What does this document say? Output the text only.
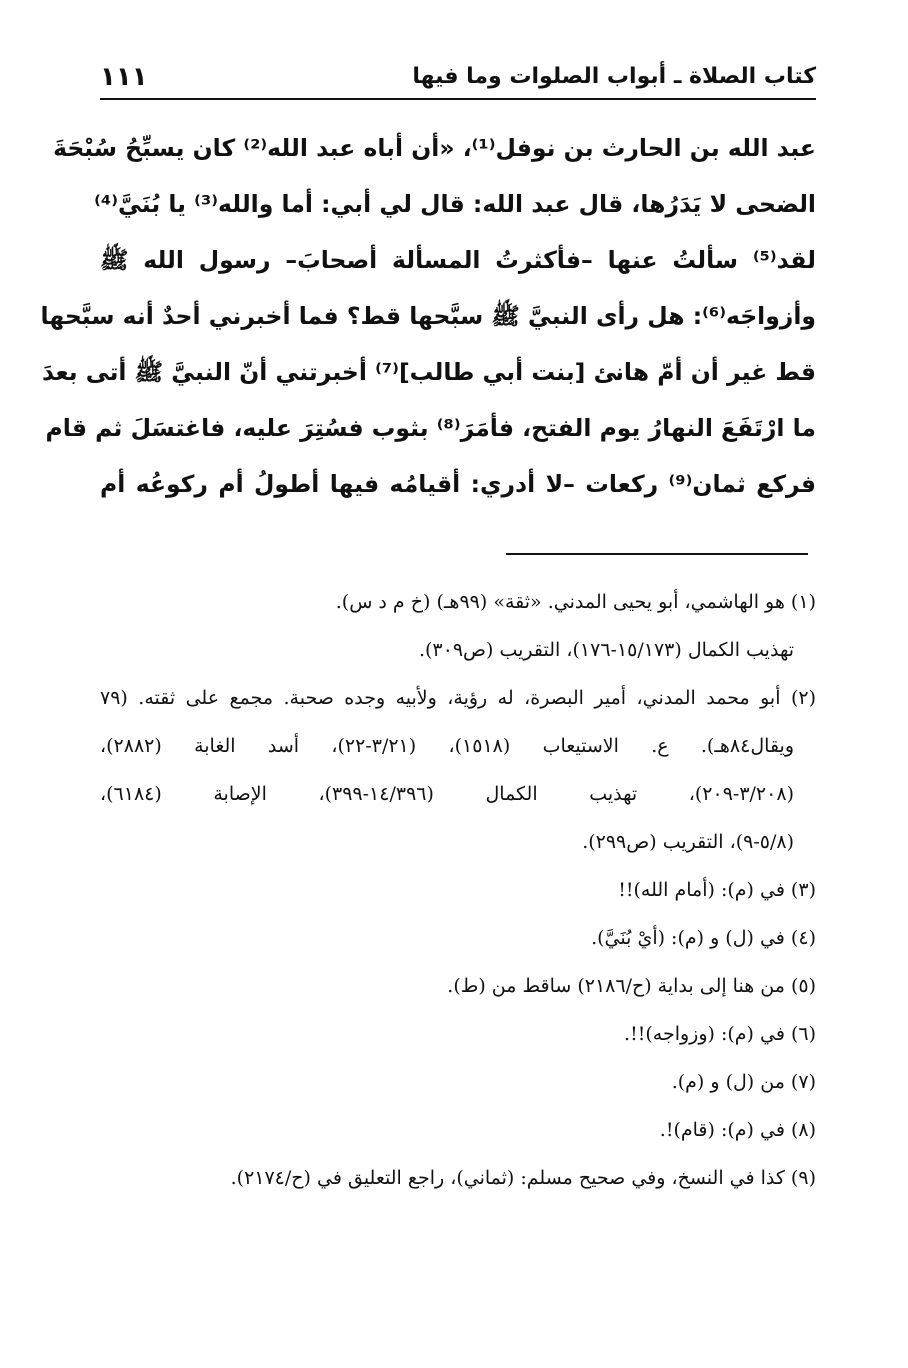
كتاب الصلاة ـ أبواب الصلوات وما فيها
١١١
عبد الله بن الحارث بن نوفل⁽¹⁾، «أن أباه عبد الله⁽²⁾ كان يسبِّحُ سُبْحَةَ
الضحى لا يَدَرُها، قال عبد الله: قال لي أبي: أما والله⁽³⁾ يا بُنَيَّ⁽⁴⁾
لقد⁽⁵⁾ سألتُ عنها –فأكثرتُ المسألة أصحابَ– رسول الله ﷺ
وأزواجَه⁽⁶⁾: هل رأى النبيَّ ﷺ سبَّحها قط؟ فما أخبرني أحدٌ أنه سبَّحها
قط غير أن أمّ هانئ [بنت أبي طالب]⁽⁷⁾ أخبرتني أنّ النبيَّ ﷺ أتى بعدَ
ما ارْتَفَعَ النهارُ يوم الفتح، فأمَرَ⁽⁸⁾ بثوب فسُتِرَ عليه، فاغتسَلَ ثم قام
فركع ثمان⁽⁹⁾ ركعات –لا أدري: أقيامُه فيها أطولُ أم ركوعُه أم
(١) هو الهاشمي، أبو يحيى المدني. «ثقة» (٩٩هـ) (خ م د س).
تهذيب الكمال (١٥/١٧٣-١٧٦)، التقريب (ص٣٠٩).
(٢) أبو محمد المدني، أمير البصرة، له رؤية، ولأبيه وجده صحبة. مجمع على ثقته. (٧٩
ويقال٨٤هـ). ع. الاستيعاب (١٥١٨)، (٣/٢١-٢٢)، أسد الغابة (٢٨٨٢)،
(٣/٢٠٨-٢٠٩)، تهذيب الكمال (١٤/٣٩٦-٣٩٩)، الإصابة (٦١٨٤)،
(٥/٨-٩)، التقريب (ص٢٩٩).
(٣) في (م): (أمام الله)!!
(٤) في (ل) و (م): (أيْ بُنَيَّ).
(٥) من هنا إلى بداية (ح/٢١٨٦) ساقط من (ط).
(٦) في (م): (وزواجه)!!.
(٧) من (ل) و (م).
(٨) في (م): (قام)!.
(٩) كذا في النسخ، وفي صحيح مسلم: (ثماني)، راجع التعليق في (ح/٢١٧٤).
